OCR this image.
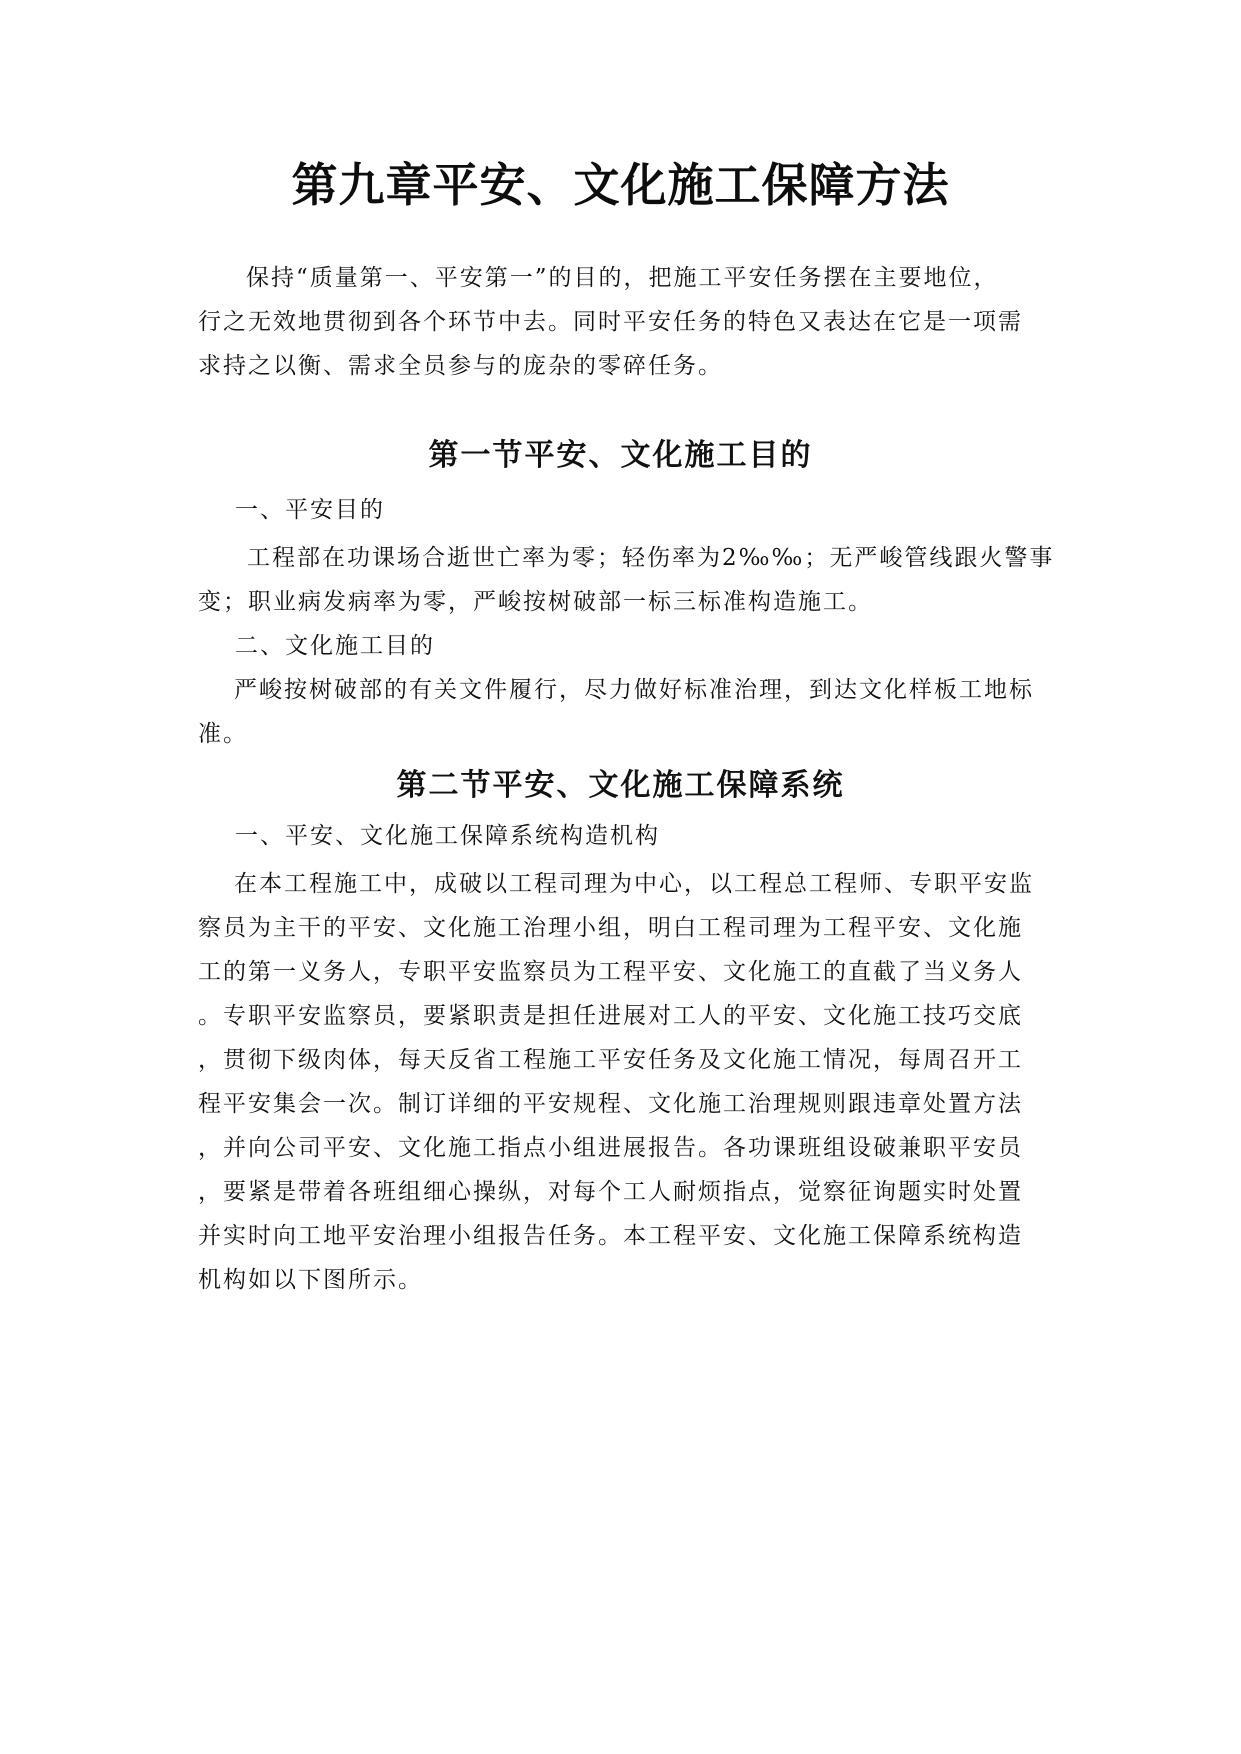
第九章平安、文化施工保障方法

保持“质量第一、平安第一”的目的，把施工平安任务摆在主要地位，

行之无效地贯彻到各个环节中去。同时平安任务的特色又表达在它是一项需

求持之以衡、需求全员参与的庞杂的零碎任务。

第一节平安、文化施工目的

一、平安目的

工程部在功课场合逝世亡率为零；轻伤率为2‰‰；无严峻管线跟火警事

变；职业病发病率为零，严峻按树破部一标三标准构造施工。

二、文化施工目的

严峻按树破部的有关文件履行，尽力做好标准治理，到达文化样板工地标

准。

第二节平安、文化施工保障系统

一、平安、文化施工保障系统构造机构

在本工程施工中，成破以工程司理为中心，以工程总工程师、专职平安监

察员为主干的平安、文化施工治理小组，明白工程司理为工程平安、文化施

工的第一义务人，专职平安监察员为工程平安、文化施工的直截了当义务人

。专职平安监察员，要紧职责是担任进展对工人的平安、文化施工技巧交底

，贯彻下级肉体，每天反省工程施工平安任务及文化施工情况，每周召开工

程平安集会一次。制订详细的平安规程、文化施工治理规则跟违章处置方法

，并向公司平安、文化施工指点小组进展报告。各功课班组设破兼职平安员

，要紧是带着各班组细心操纵，对每个工人耐烦指点，觉察征询题实时处置

并实时向工地平安治理小组报告任务。本工程平安、文化施工保障系统构造

机构如以下图所示。
